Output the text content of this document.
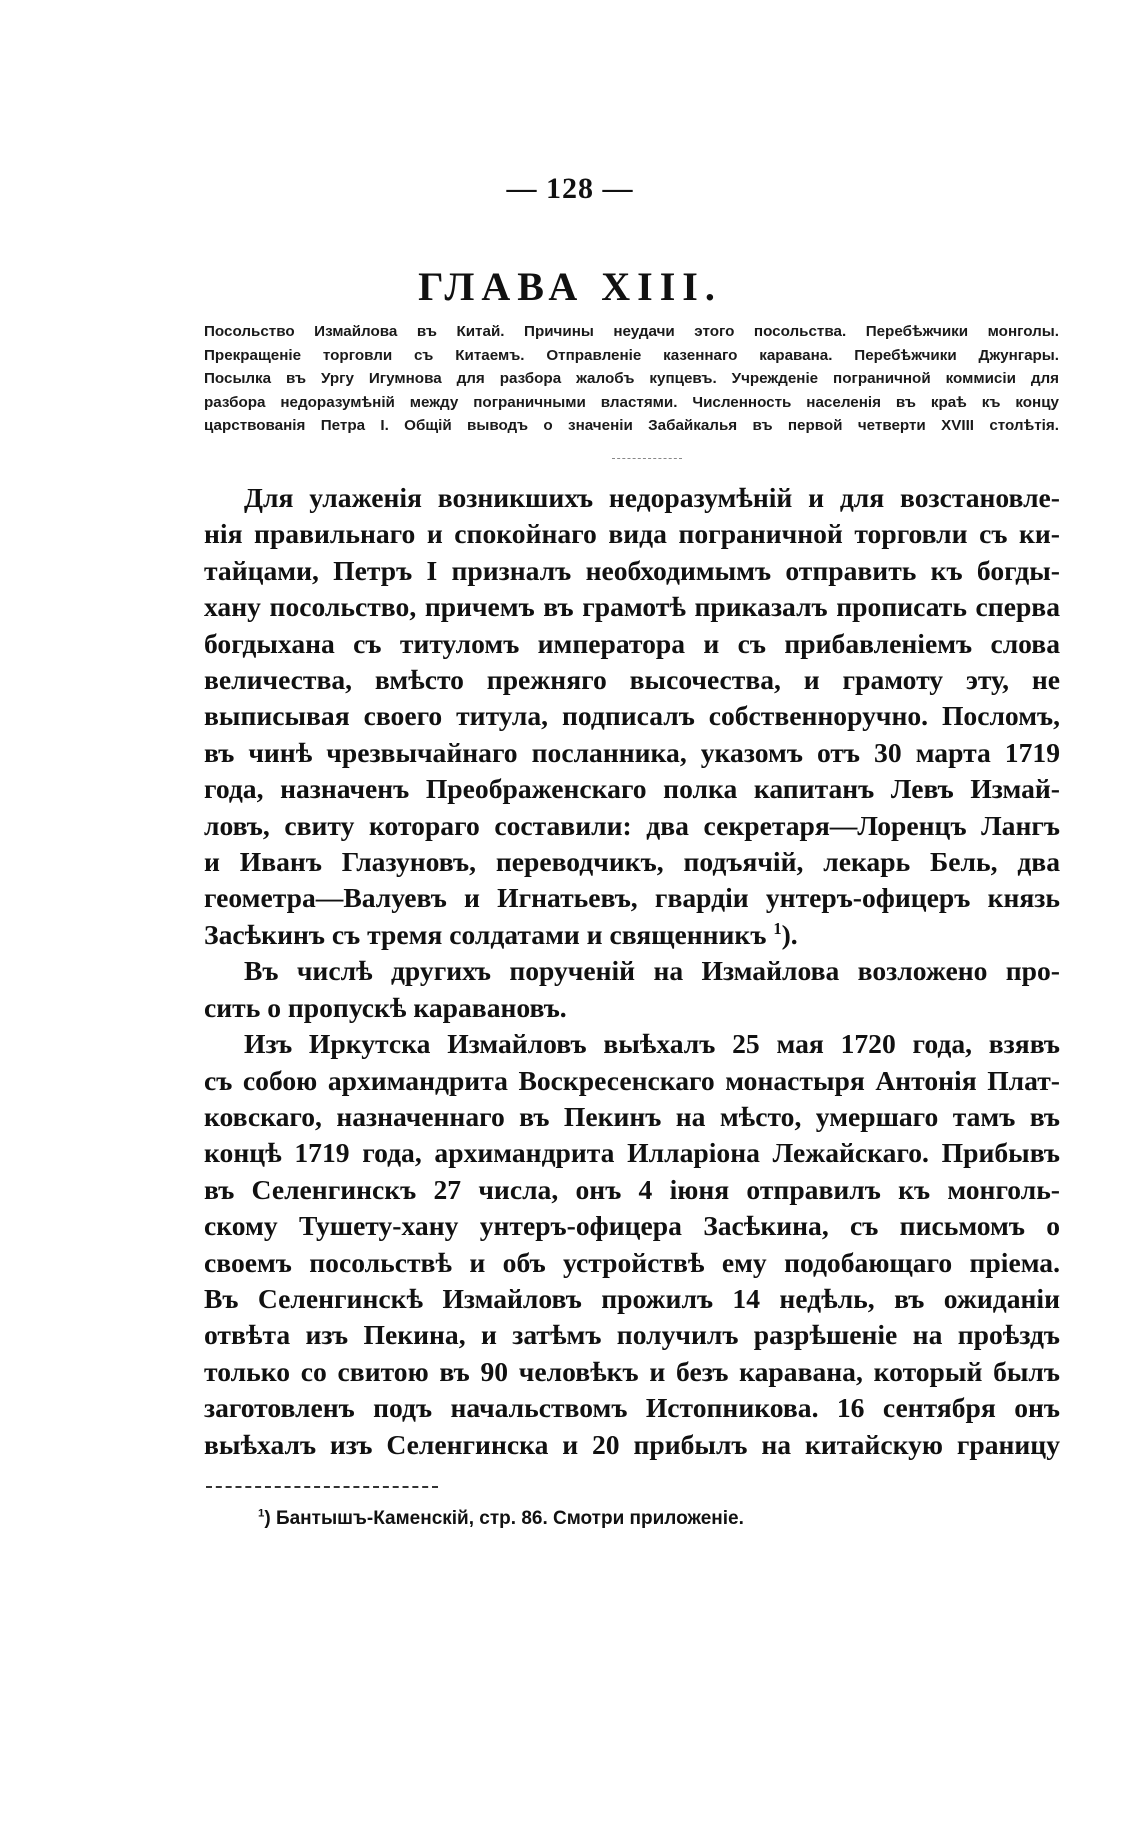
— 128 —
ГЛАВА XIII.
Посольство Измайлова въ Китай. Причины неудачи этого посольства. Перебѣжчики монголы.
Прекращеніе торговли съ Китаемъ. Отправленіе казеннаго каравана. Перебѣжчики Джунгары.
Посылка въ Ургу Игумнова для разбора жалобъ купцевъ. Учрежденіе пограничной коммисіи для
разбора недоразумѣній между пограничными властями. Численность населенія въ краѣ къ концу
царствованія Петра I. Общій выводъ о значеніи Забайкалья въ первой четверти XVIII столѣтія.

Для улаженія возникшихъ недоразумѣній и для возстановле-
нія правильнаго и спокойнаго вида пограничной торговли съ ки-
тайцами, Петръ I призналъ необходимымъ отправить къ богды-
хану посольство, причемъ въ грамотѣ приказалъ прописать сперва
богдыхана съ титуломъ императора и съ прибавленіемъ слова
величества, вмѣсто прежняго высочества, и грамоту эту, не
выписывая своего титула, подписалъ собственноручно. Посломъ,
въ чинѣ чрезвычайнаго посланника, указомъ отъ 30 марта 1719
года, назначенъ Преображенскаго полка капитанъ Левъ Измай-
ловъ, свиту котораго составили: два секретаря—Лоренцъ Лангъ
и Иванъ Глазуновъ, переводчикъ, подъячій, лекарь Бель, два
геометра—Валуевъ и Игнатьевъ, гвардіи унтеръ-офицеръ князь
Засѣкинъ съ тремя солдатами и священникъ $^1$).

Въ числѣ другихъ порученій на Измайлова возложено про-
сить о пропускѣ каравановъ.

Изъ Иркутска Измайловъ выѣхалъ 25 мая 1720 года, взявъ
съ собою архимандрита Воскресенскаго монастыря Антонія Плат-
ковскаго, назначеннаго въ Пекинъ на мѣсто, умершаго тамъ въ
концѣ 1719 года, архимандрита Илларіона Лежайскаго. Прибывъ
въ Селенгинскъ 27 числа, онъ 4 іюня отправилъ къ монголь-
скому Тушету-хану унтеръ-офицера Засѣкина, съ письмомъ о
своемъ посольствѣ и объ устройствѣ ему подобающаго пріема.
Въ Селенгинскѣ Измайловъ прожилъ 14 недѣль, въ ожиданіи
отвѣта изъ Пекина, и затѣмъ получилъ разрѣшеніе на проѣздъ
только со свитою въ 90 человѣкъ и безъ каравана, который былъ
заготовленъ подъ начальствомъ Истопникова. 16 сентября онъ
выѣхалъ изъ Селенгинска и 20 прибылъ на китайскую границу

$^1$) Бантышъ-Каменскій, стр. 86. Смотри приложеніе.
